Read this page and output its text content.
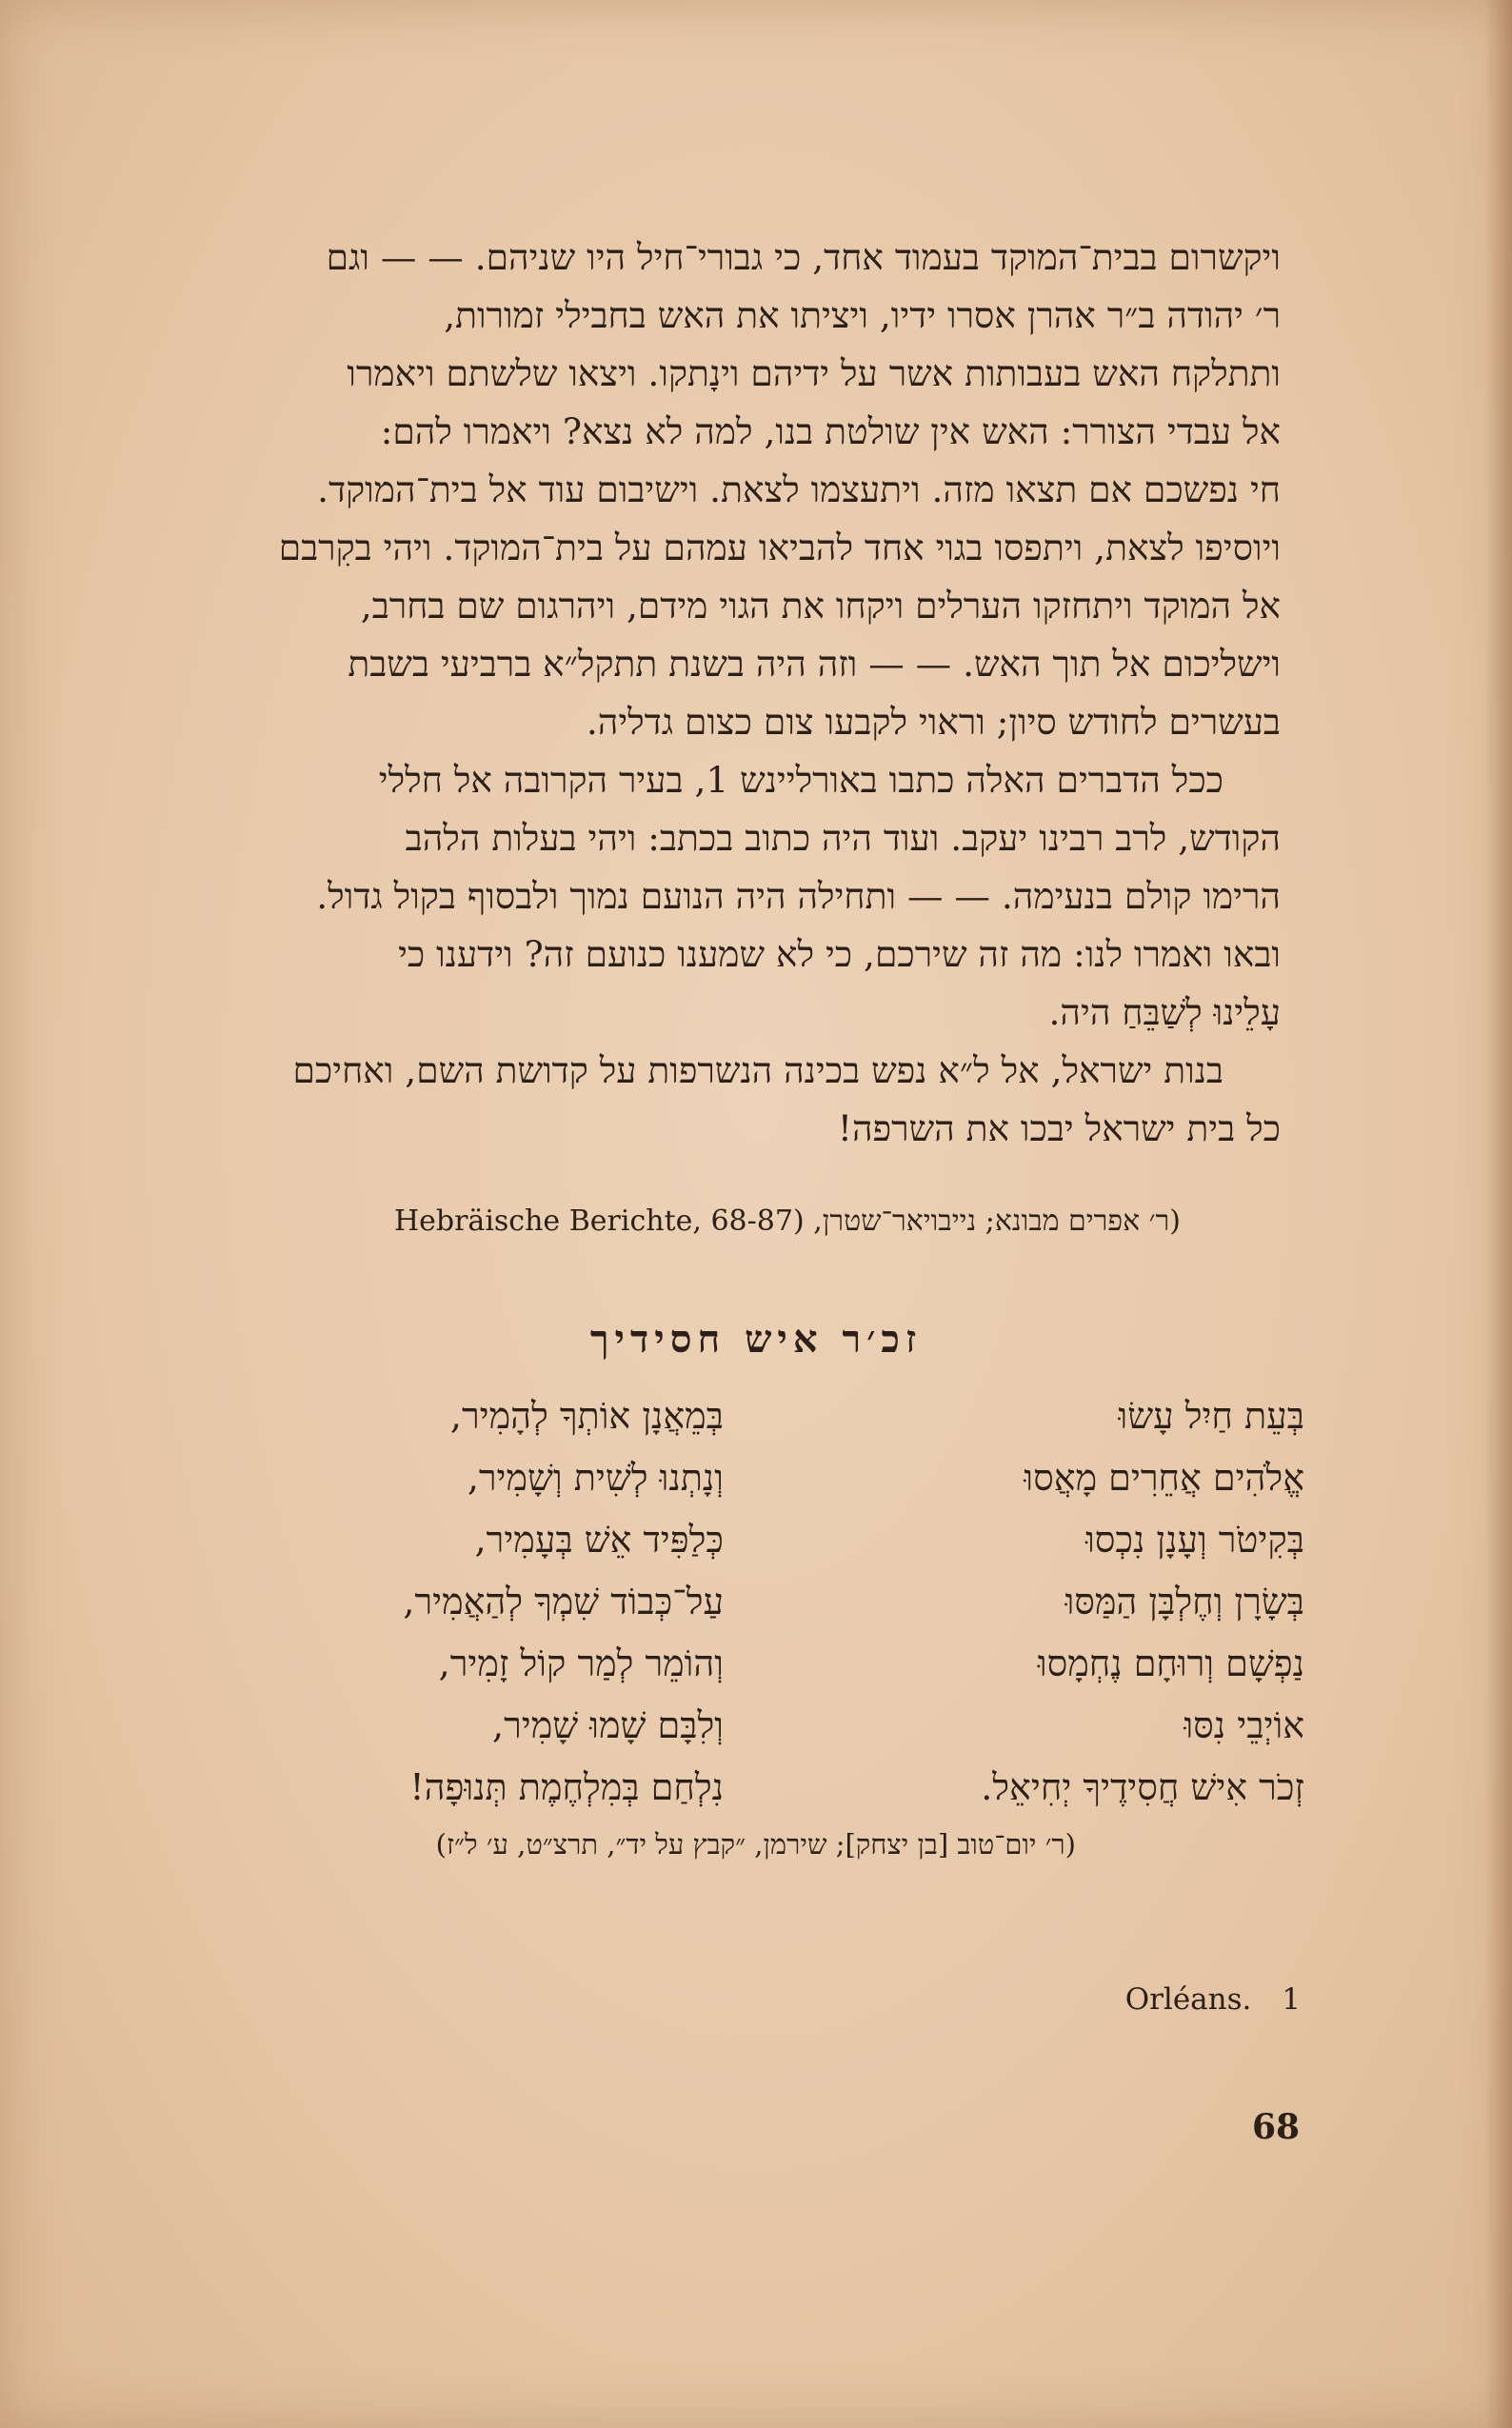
ויקשרום בבית־המוקד בעמוד אחד, כי גבורי־חיל היו שניהם. — — וגם
ר׳ יהודה ב״ר אהרן אסרו ידיו, ויציתו את האש בחבילי זמורות,
ותתלקח האש בעבותות אשר על ידיהם וינָתקו. ויצאו שלשתם ויאמרו
אל עבדי הצורר: האש אין שולטת בנו, למה לא נצא? ויאמרו להם:
חי נפשכם אם תצאו מזה. ויתעצמו לצאת. וישיבום עוד אל בית־המוקד.
ויוסיפו לצאת, ויתפסו בגוי אחד להביאו עמהם על בית־המוקד. ויהי בקִרבם
אל המוקד ויתחזקו הערלים ויקחו את הגוי מידם, ויהרגום שם בחרב,
וישליכום אל תוך האש. — — וזה היה בשנת תתקל״א ברביעי בשבת
בעשרים לחודש סיון; וראוי לקבעו צום כצום גדליה.

ככל הדברים האלה כתבו באורליינש 1, בעיר הקרובה אל חללי
הקודש, לרב רבינו יעקב. ועוד היה כתוב בכתב: ויהי בעלות הלהב
הרימו קולם בנעימה. — — ותחילה היה הנועם נמוך ולבסוף בקול גדול.
ובאו ואמרו לנו: מה זה שירכם, כי לא שמענו כנועם זה? וידענו כי
עָלֵינוּ לְשַׁבֵּחַ היה.

בנות ישראל, אל ל״א נפש בכינה הנשרפות על קדושת השם, ואחיכם
כל בית ישראל יבכו את השרפה!

(ר׳ אפרים מבונא; נייבויאר־שטרן, Hebräische Berichte, 68-87)
זכ׳ר איש חסידיך
בְּעֵת חַיִל עָשׂוּ
בְּמֵאֲנָן אוֹתְךָ לְהָמִיר,
אֱלֹהִים אֲחֵרִים מָאֲסוּ
וְנָתְנוּ לְשִׁית וְשָׁמִיר,
בְּקִיטֹר וְעָנָן נִכְסוּ
כְּלַפִּיד אֵשׁ בְּעָמִיר,
בְּשָׂרָן וְחֶלְבָּן הַמַּסּוּ
עַל־כְּבוֹד שִׁמְךָ לְהַאֲמִיר,
נַפְשָׁם וְרוּחָם נֶחְמָסוּ
וְהוֹמֵר לְמַר קוֹל זָמִיר,
אוֹיְבֵי נִסּוּ
וְלִבָּם שָׁמוּ שָׁמִיר,
זְכֹר אִישׁ חֲסִידֶיךָ יְחִיאֵל.
נִלְחַם בְּמִלְחֶמֶת תְּנוּפָה!
(ר׳ יום־טוב [בן יצחק]; שירמן, ״קבץ על יד״, תרצ״ט, ע׳ ל״ז)
1 Orléans.
68
